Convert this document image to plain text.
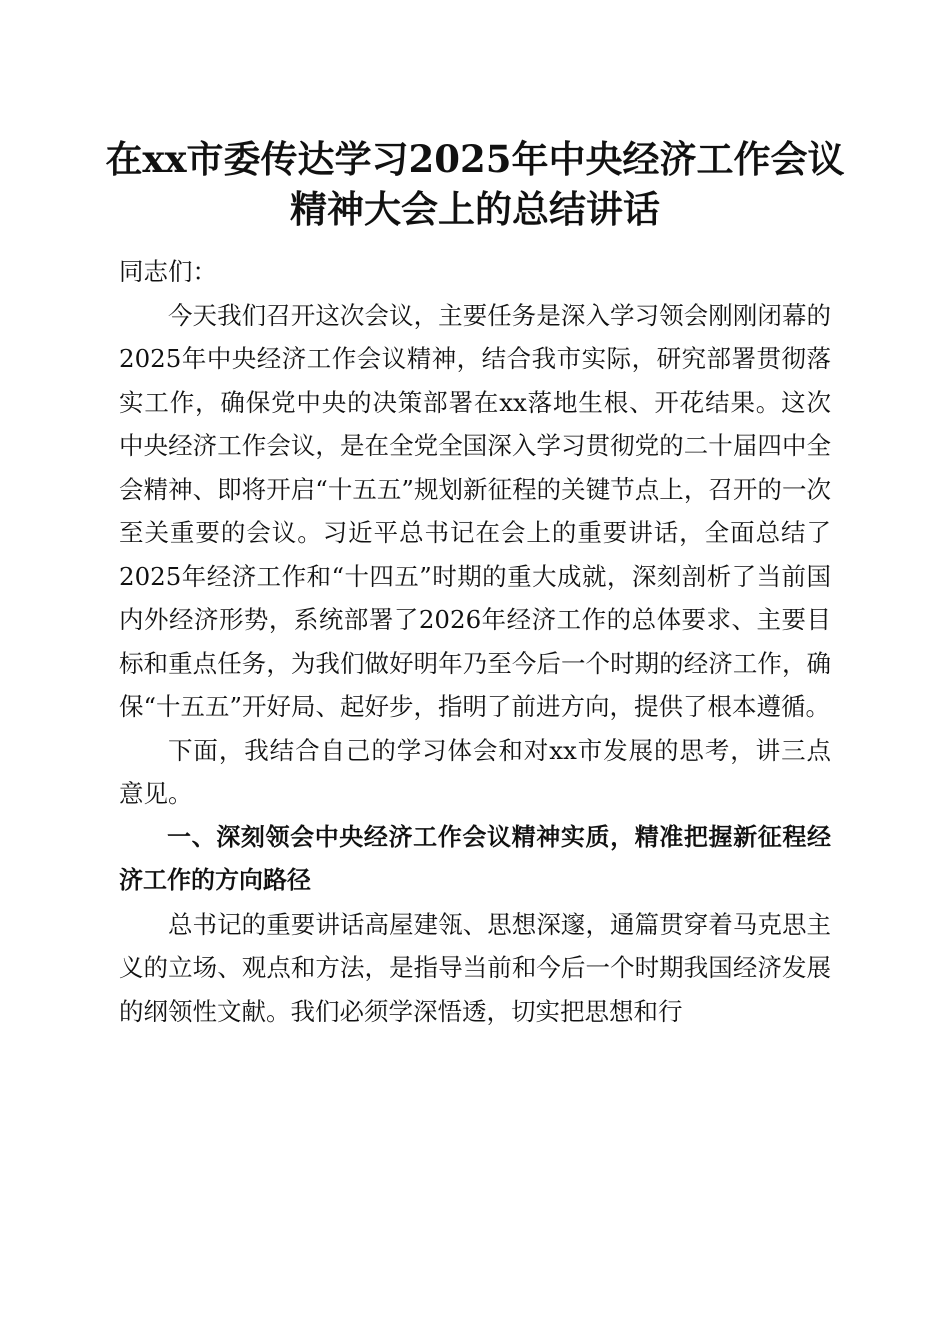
在xx市委传达学习2025年中央经济工作会议
精神大会上的总结讲话

同志们：

今天我们召开这次会议，主要任务是深入学习领会刚刚闭幕的2025年中央经济工作会议精神，结合我市实际，研究部署贯彻落实工作，确保党中央的决策部署在xx落地生根、开花结果。这次中央经济工作会议，是在全党全国深入学习贯彻党的二十届四中全会精神、即将开启“十五五”规划新征程的关键节点上，召开的一次至关重要的会议。习近平总书记在会上的重要讲话，全面总结了2025年经济工作和“十四五”时期的重大成就，深刻剖析了当前国内外经济形势，系统部署了2026年经济工作的总体要求、主要目标和重点任务，为我们做好明年乃至今后一个时期的经济工作，确保“十五五”开好局、起好步，指明了前进方向，提供了根本遵循。

下面，我结合自己的学习体会和对xx市发展的思考，讲三点意见。

一、深刻领会中央经济工作会议精神实质，精准把握新征程经济工作的方向路径

总书记的重要讲话高屋建瓴、思想深邃，通篇贯穿着马克思主义的立场、观点和方法，是指导当前和今后一个时期我国经济发展的纲领性文献。我们必须学深悟透，切实把思想和行
